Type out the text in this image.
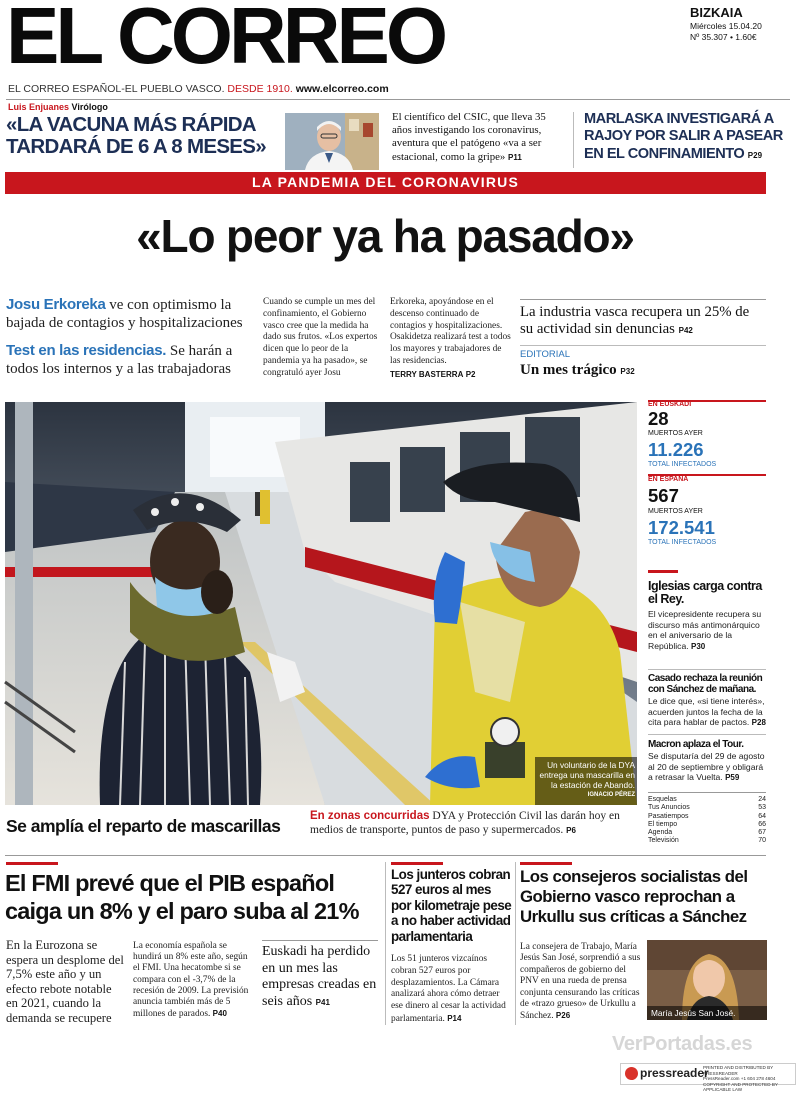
EL CORREO	BIZKAIA
Miércoles 15.04.20
Nº 35.307 • 1.60€
EL CORREO ESPAÑOL-EL PUEBLO VASCO. DESDE 1910. www.elcorreo.com
Luis Enjuanes Virólogo
«LA VACUNA MÁS RÁPIDA
TARDARÁ DE 6 A 8 MESES»
El científico del CSIC, que lleva 35 años investigando los coronavirus, aventura que el patógeno «va a ser estacional, como la gripe» P11
MARLASKA INVESTIGARÁ A RAJOY POR SALIR A PASEAR EN EL CONFINAMIENTO P29
LA PANDEMIA DEL CORONAVIRUS
«Lo peor ya ha pasado»
Josu Erkoreka ve con optimismo la bajada de contagios y hospitalizaciones
Test en las residencias. Se harán a todos los internos y a las trabajadoras
Cuando se cumple un mes del confinamiento, el Gobierno vasco cree que la medida ha dado sus frutos. «Los expertos dicen que lo peor de la pandemia ya ha pasado», se congratuló ayer Josu
Erkoreka, apoyándose en el descenso continuado de contagios y hospitalizaciones. Osakidetza realizará test a todos los mayores y trabajadores de las residencias.
TERRY BASTERRA P2
La industria vasca recupera un 25% de su actividad sin denuncias P42
EDITORIAL
Un mes trágico P32
Un voluntario de la DYA entrega una mascarilla en la estación de Abando.
IGNACIO PÉREZ
Se amplía el reparto de mascarillas	En zonas concurridas DYA y Protección Civil las darán hoy en medios de transporte, puntos de paso y supermercados. P6
EN EUSKADI
28
MUERTOS AYER
11.226
TOTAL INFECTADOS
EN ESPAÑA
567
MUERTOS AYER
172.541
TOTAL INFECTADOS
Iglesias carga contra el Rey.
El vicepresidente recupera su discurso más antimonárquico en el aniversario de la República. P30
Casado rechaza la reunión con Sánchez de mañana.
Le dice que, «si tiene interés», acuerden juntos la fecha de la cita para hablar de pactos. P28
Macron aplaza el Tour.
Se disputaría del 29 de agosto al 20 de septiembre y obligará a retrasar la Vuelta. P59
Esquelas	24
Tus Anuncios	53
Pasatiempos	64
El tiempo	66
Agenda	67
Televisión	70
El FMI prevé que el PIB español caiga un 8% y el paro suba al 21%
En la Eurozona se espera un desplome del 7,5% este año y un efecto rebote notable en 2021, cuando la demanda se recupere
La economía española se hundirá un 8% este año, según el FMI. Una hecatombe si se compara con el -3,7% de la recesión de 2009. La previsión anuncia también más de 5 millones de parados. P40
Euskadi ha perdido en un mes las empresas creadas en seis años P41
Los junteros cobran 527 euros al mes por kilometraje pese a no haber actividad parlamentaria
Los 51 junteros vizcaínos cobran 527 euros por desplazamientos. La Cámara analizará ahora cómo detraer ese dinero al cesar la actividad parlamentaria. P14
Los consejeros socialistas del Gobierno vasco reprochan a Urkullu sus críticas a Sánchez
La consejera de Trabajo, María Jesús San José, sorprendió a sus compañeros de gobierno del PNV en una rueda de prensa conjunta censurando las críticas de «trazo grueso» de Urkullu a Sánchez. P26	María Jesús San José.
VerPortadas.es
pressreader
PRINTED AND DISTRIBUTED BY PRESSREADER
PressReader.com +1 604 278 4604
COPYRIGHT AND PROTECTED BY APPLICABLE LAW
